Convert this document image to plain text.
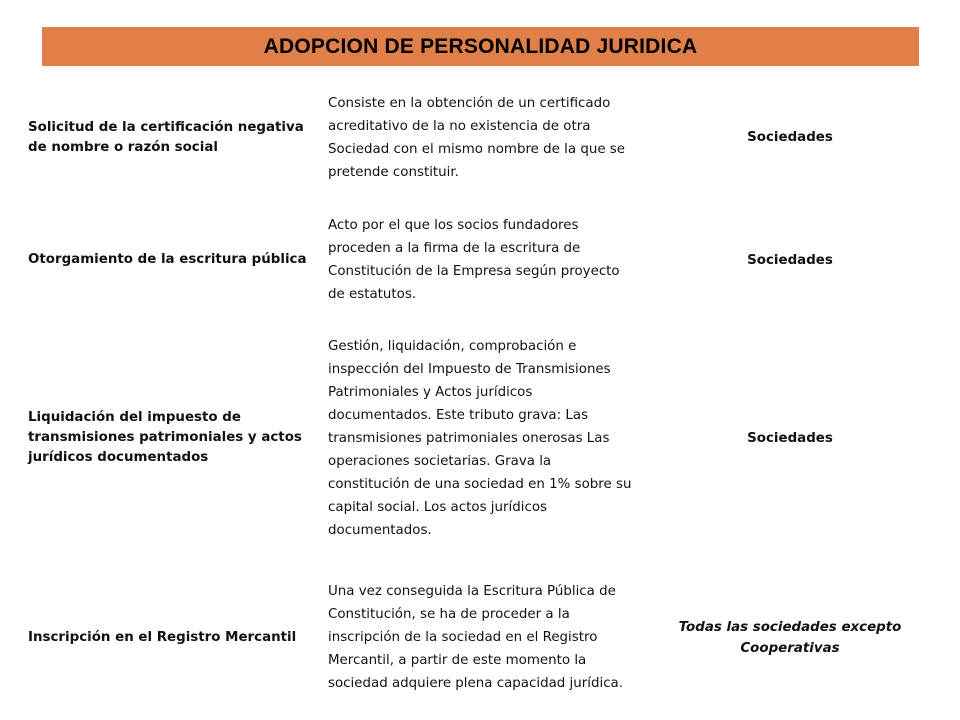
ADOPCION DE PERSONALIDAD JURIDICA
Solicitud de la certificación negativa de nombre o razón social
Consiste en la obtención de un certificado acreditativo de la no existencia de otra Sociedad con el mismo nombre de la que se pretende constituir.
Sociedades
Otorgamiento de la escritura pública
Acto por el que los socios fundadores proceden a la firma de la escritura de Constitución de la Empresa según proyecto de estatutos.
Sociedades
Liquidación del impuesto de transmisiones patrimoniales y actos jurídicos documentados
Gestión, liquidación, comprobación e inspección del Impuesto de Transmisiones Patrimoniales y Actos jurídicos documentados. Este tributo grava: Las transmisiones patrimoniales onerosas Las operaciones societarias. Grava la constitución de una sociedad en 1% sobre su capital social. Los actos jurídicos documentados.
Sociedades
Inscripción en el Registro Mercantil
Una vez conseguida la Escritura Pública de Constitución, se ha de proceder a la inscripción de la sociedad en el Registro Mercantil, a partir de este momento la sociedad adquiere plena capacidad jurídica.
Todas las sociedades excepto Cooperativas
